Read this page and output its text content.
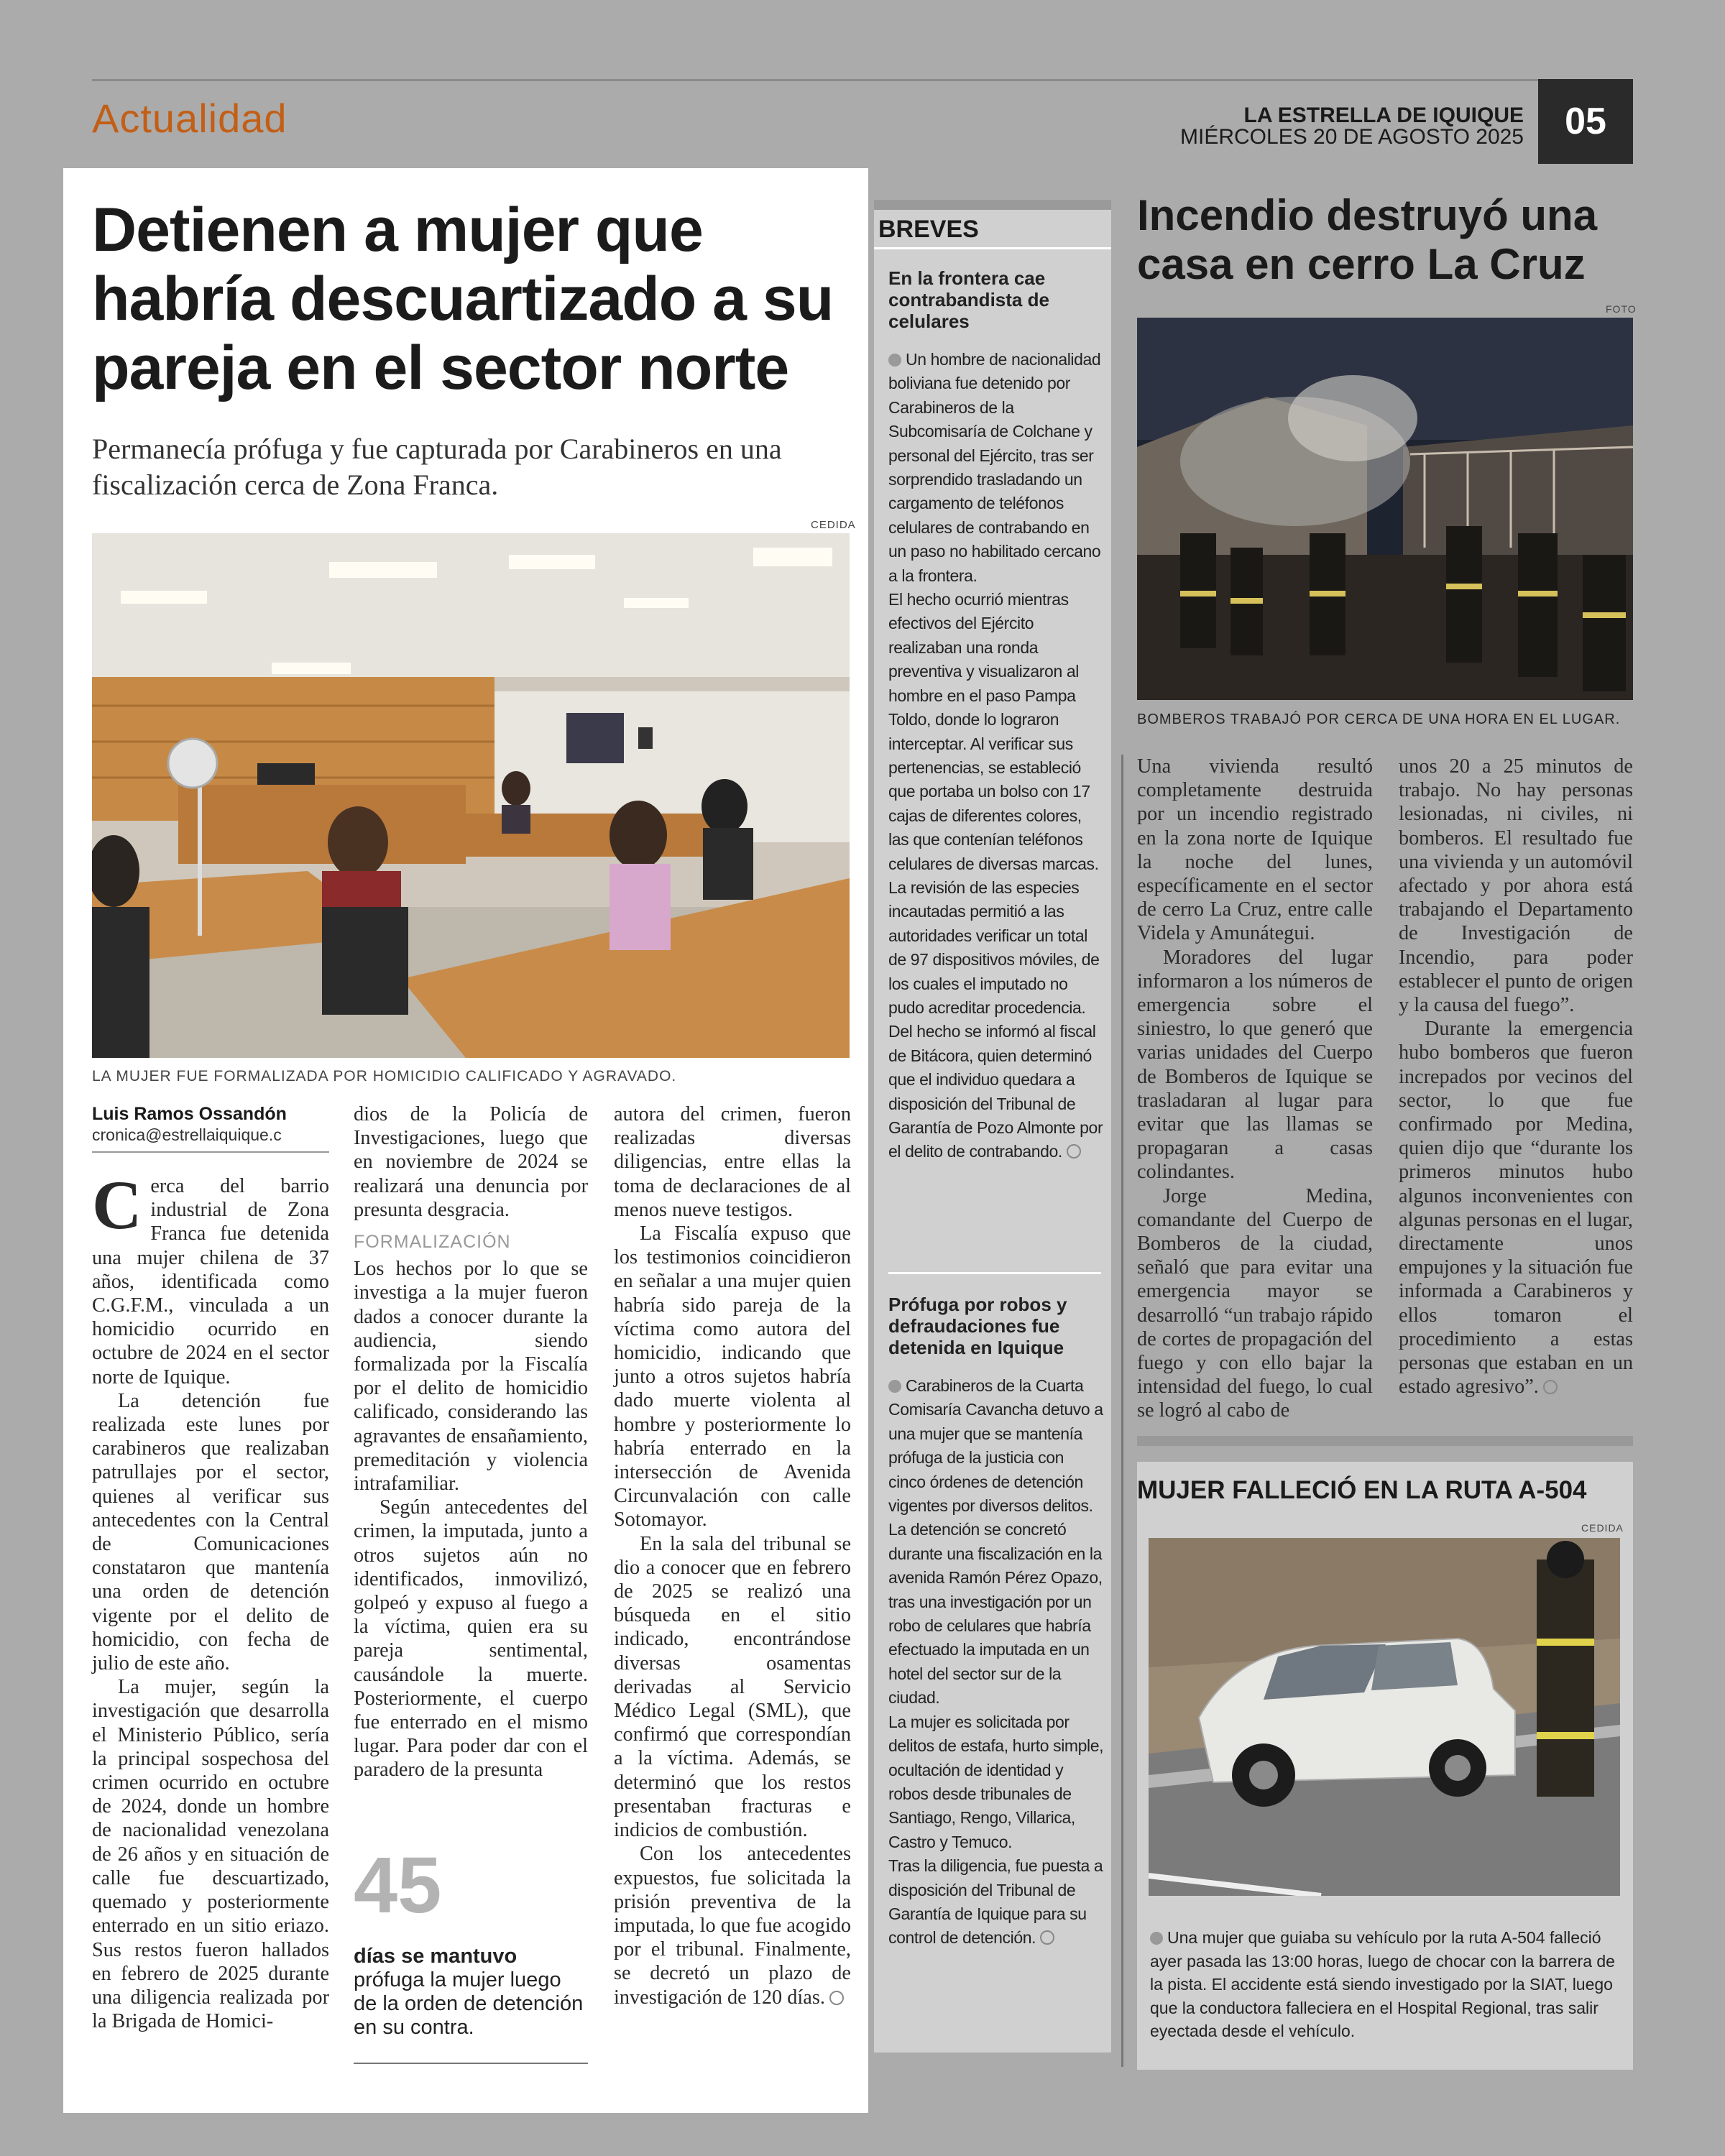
Actualidad	LA ESTRELLA DE IQUIQUE
MIÉRCOLES 20 DE AGOSTO 2025	05
Detienen a mujer que habría descuartizado a su pareja en el sector norte
Permanecía prófuga y fue capturada por Carabineros en una fiscalización cerca de Zona Franca.
CEDIDA
LA MUJER FUE FORMALIZADA POR HOMICIDIO CALIFICADO Y AGRAVADO.
Luis Ramos Ossandón
cronica@estrellaiquique.c

Cerca del barrio industrial de Zona Franca fue detenida una mujer chilena de 37 años, identificada como C.G.F.M., vinculada a un homicidio ocurrido en octubre de 2024 en el sector norte de Iquique.

La detención fue realizada este lunes por carabineros que realizaban patrullajes por el sector, quienes al verificar sus antecedentes con la Central de Comunicaciones constataron que mantenía una orden de detención vigente por el delito de homicidio, con fecha de julio de este año.

La mujer, según la investigación que desarrolla el Ministerio Público, sería la principal sospechosa del crimen ocurrido en octubre de 2024, donde un hombre de nacionalidad venezolana de 26 años y en situación de calle fue descuartizado, quemado y posteriormente enterrado en un sitio eriazo. Sus restos fueron hallados en febrero de 2025 durante una diligencia realizada por la Brigada de Homici-

dios de la Policía de Investigaciones, luego que en noviembre de 2024 se realizará una denuncia por presunta desgracia.

FORMALIZACIÓN

Los hechos por lo que se investiga a la mujer fueron dados a conocer durante la audiencia, siendo formalizada por la Fiscalía por el delito de homicidio calificado, considerando las agravantes de ensañamiento, premeditación y violencia intrafamiliar.

Según antecedentes del crimen, la imputada, junto a otros sujetos aún no identificados, inmovilizó, golpeó y expuso al fuego a la víctima, quien era su pareja sentimental, causándole la muerte. Posteriormente, el cuerpo fue enterrado en el mismo lugar. Para poder dar con el paradero de la presunta

45
días se mantuvo prófuga la mujer luego de la orden de detención en su contra.

autora del crimen, fueron realizadas diversas diligencias, entre ellas la toma de declaraciones de al menos nueve testigos.

La Fiscalía expuso que los testimonios coincidieron en señalar a una mujer quien habría sido pareja de la víctima como autora del homicidio, indicando que junto a otros sujetos habría dado muerte violenta al hombre y posteriormente lo habría enterrado en la intersección de Avenida Circunvalación con calle Sotomayor.

En la sala del tribunal se dio a conocer que en febrero de 2025 se realizó una búsqueda en el sitio indicado, encontrándose diversas osamentas derivadas al Servicio Médico Legal (SML), que confirmó que correspondían a la víctima. Además, se determinó que los restos presentaban fracturas e indicios de combustión.

Con los antecedentes expuestos, fue solicitada la prisión preventiva de la imputada, lo que fue acogido por el tribunal. Finalmente, se decretó un plazo de investigación de 120 días.

BREVES
En la frontera cae contrabandista de celulares

Un hombre de nacionalidad boliviana fue detenido por Carabineros de la Subcomisaría de Colchane y personal del Ejército, tras ser sorprendido trasladando un cargamento de teléfonos celulares de contrabando en un paso no habilitado cercano a la frontera.

El hecho ocurrió mientras efectivos del Ejército realizaban una ronda preventiva y visualizaron al hombre en el paso Pampa Toldo, donde lo lograron interceptar. Al verificar sus pertenencias, se estableció que portaba un bolso con 17 cajas de diferentes colores, las que contenían teléfonos celulares de diversas marcas. La revisión de las especies incautadas permitió a las autoridades verificar un total de 97 dispositivos móviles, de los cuales el imputado no pudo acreditar procedencia.

Del hecho se informó al fiscal de Bitácora, quien determinó que el individuo quedara a disposición del Tribunal de Garantía de Pozo Almonte por el delito de contrabando.

Prófuga por robos y defraudaciones fue detenida en Iquique

Carabineros de la Cuarta Comisaría Cavancha detuvo a una mujer que se mantenía prófuga de la justicia con cinco órdenes de detención vigentes por diversos delitos.

La detención se concretó durante una fiscalización en la avenida Ramón Pérez Opazo, tras una investigación por un robo de celulares que habría efectuado la imputada en un hotel del sector sur de la ciudad.

La mujer es solicitada por delitos de estafa, hurto simple, ocultación de identidad y robos desde tribunales de Santiago, Rengo, Villarica, Castro y Temuco.

Tras la diligencia, fue puesta a disposición del Tribunal de Garantía de Iquique para su control de detención.

Incendio destruyó una casa en cerro La Cruz
FOTO
BOMBEROS TRABAJÓ POR CERCA DE UNA HORA EN EL LUGAR.

Una vivienda resultó completamente destruida por un incendio registrado en la zona norte de Iquique la noche del lunes, específicamente en el sector de cerro La Cruz, entre calle Videla y Amunátegui.

Moradores del lugar informaron a los números de emergencia sobre el siniestro, lo que generó que varias unidades del Cuerpo de Bomberos de Iquique se trasladaran al lugar para evitar que las llamas se propagaran a casas colindantes.

Jorge Medina, comandante del Cuerpo de Bomberos de la ciudad, señaló que para evitar una emergencia mayor se desarrolló “un trabajo rápido de cortes de propagación del fuego y con ello bajar la intensidad del fuego, lo cual se logró al cabo de

unos 20 a 25 minutos de trabajo. No hay personas lesionadas, ni civiles, ni bomberos. El resultado fue una vivienda y un automóvil afectado y por ahora está trabajando el Departamento de Investigación de Incendio, para poder establecer el punto de origen y la causa del fuego”.

Durante la emergencia hubo bomberos que fueron increpados por vecinos del sector, lo que fue confirmado por Medina, quien dijo que “durante los primeros minutos hubo algunos inconvenientes con algunas personas en el lugar, directamente unos empujones y la situación fue informada a Carabineros y ellos tomaron el procedimiento a estas personas que estaban en un estado agresivo”.

MUJER FALLECIÓ EN LA RUTA A-504
CEDIDA
Una mujer que guiaba su vehículo por la ruta A-504 falleció ayer pasada las 13:00 horas, luego de chocar con la barrera de la pista. El accidente está siendo investigado por la SIAT, luego que la conductora falleciera en el Hospital Regional, tras salir eyectada desde el vehículo.
